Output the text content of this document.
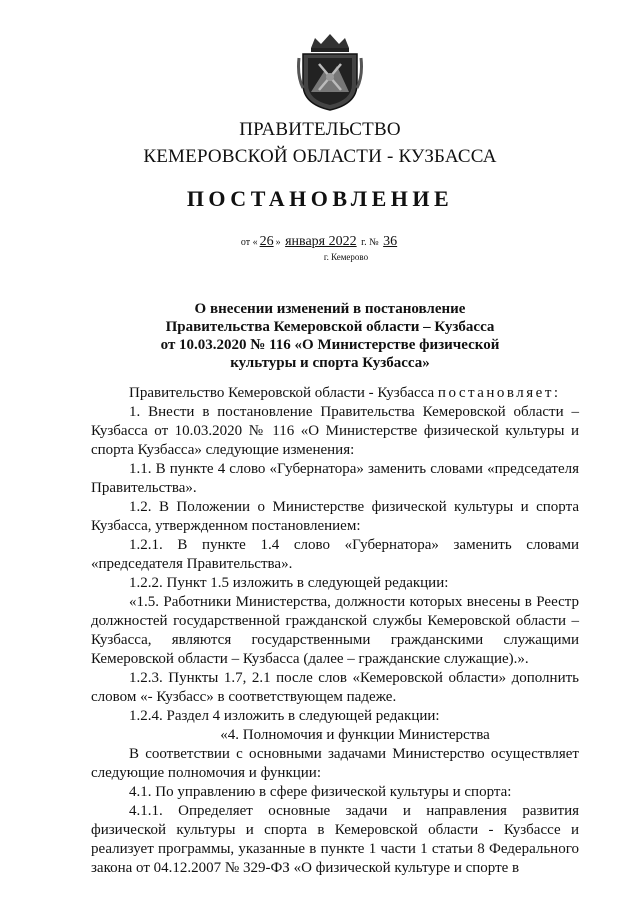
ПРАВИТЕЛЬСТВО
КЕМЕРОВСКОЙ ОБЛАСТИ - КУЗБАССА
ПОСТАНОВЛЕНИЕ
от « 26 » января 2022 г. № 36
г. Кемерово
О внесении изменений в постановление
Правительства Кемеровской области – Кузбасса
от 10.03.2020 № 116 «О Министерстве физической
культуры и спорта Кузбасса»

Правительство Кемеровской области - Кузбасса постановляет:

1. Внести в постановление Правительства Кемеровской области – Кузбасса от 10.03.2020 № 116 «О Министерстве физической культуры и спорта Кузбасса» следующие изменения:

1.1. В пункте 4 слово «Губернатора» заменить словами «председателя Правительства».

1.2. В Положении о Министерстве физической культуры и спорта Кузбасса, утвержденном постановлением:

1.2.1. В пункте 1.4 слово «Губернатора» заменить словами «председателя Правительства».

1.2.2. Пункт 1.5 изложить в следующей редакции:

«1.5. Работники Министерства, должности которых внесены в Реестр должностей государственной гражданской службы Кемеровской области – Кузбасса, являются государственными гражданскими служащими Кемеровской области – Кузбасса (далее – гражданские служащие).».

1.2.3. Пункты 1.7, 2.1 после слов «Кемеровской области» дополнить словом «- Кузбасс» в соответствующем падеже.

1.2.4. Раздел 4 изложить в следующей редакции:

«4. Полномочия и функции Министерства

В соответствии с основными задачами Министерство осуществляет следующие полномочия и функции:

4.1. По управлению в сфере физической культуры и спорта:

4.1.1. Определяет основные задачи и направления развития физической культуры и спорта в Кемеровской области - Кузбассе и реализует программы, указанные в пункте 1 части 1 статьи 8 Федерального закона от 04.12.2007 № 329-ФЗ «О физической культуре и спорте в
